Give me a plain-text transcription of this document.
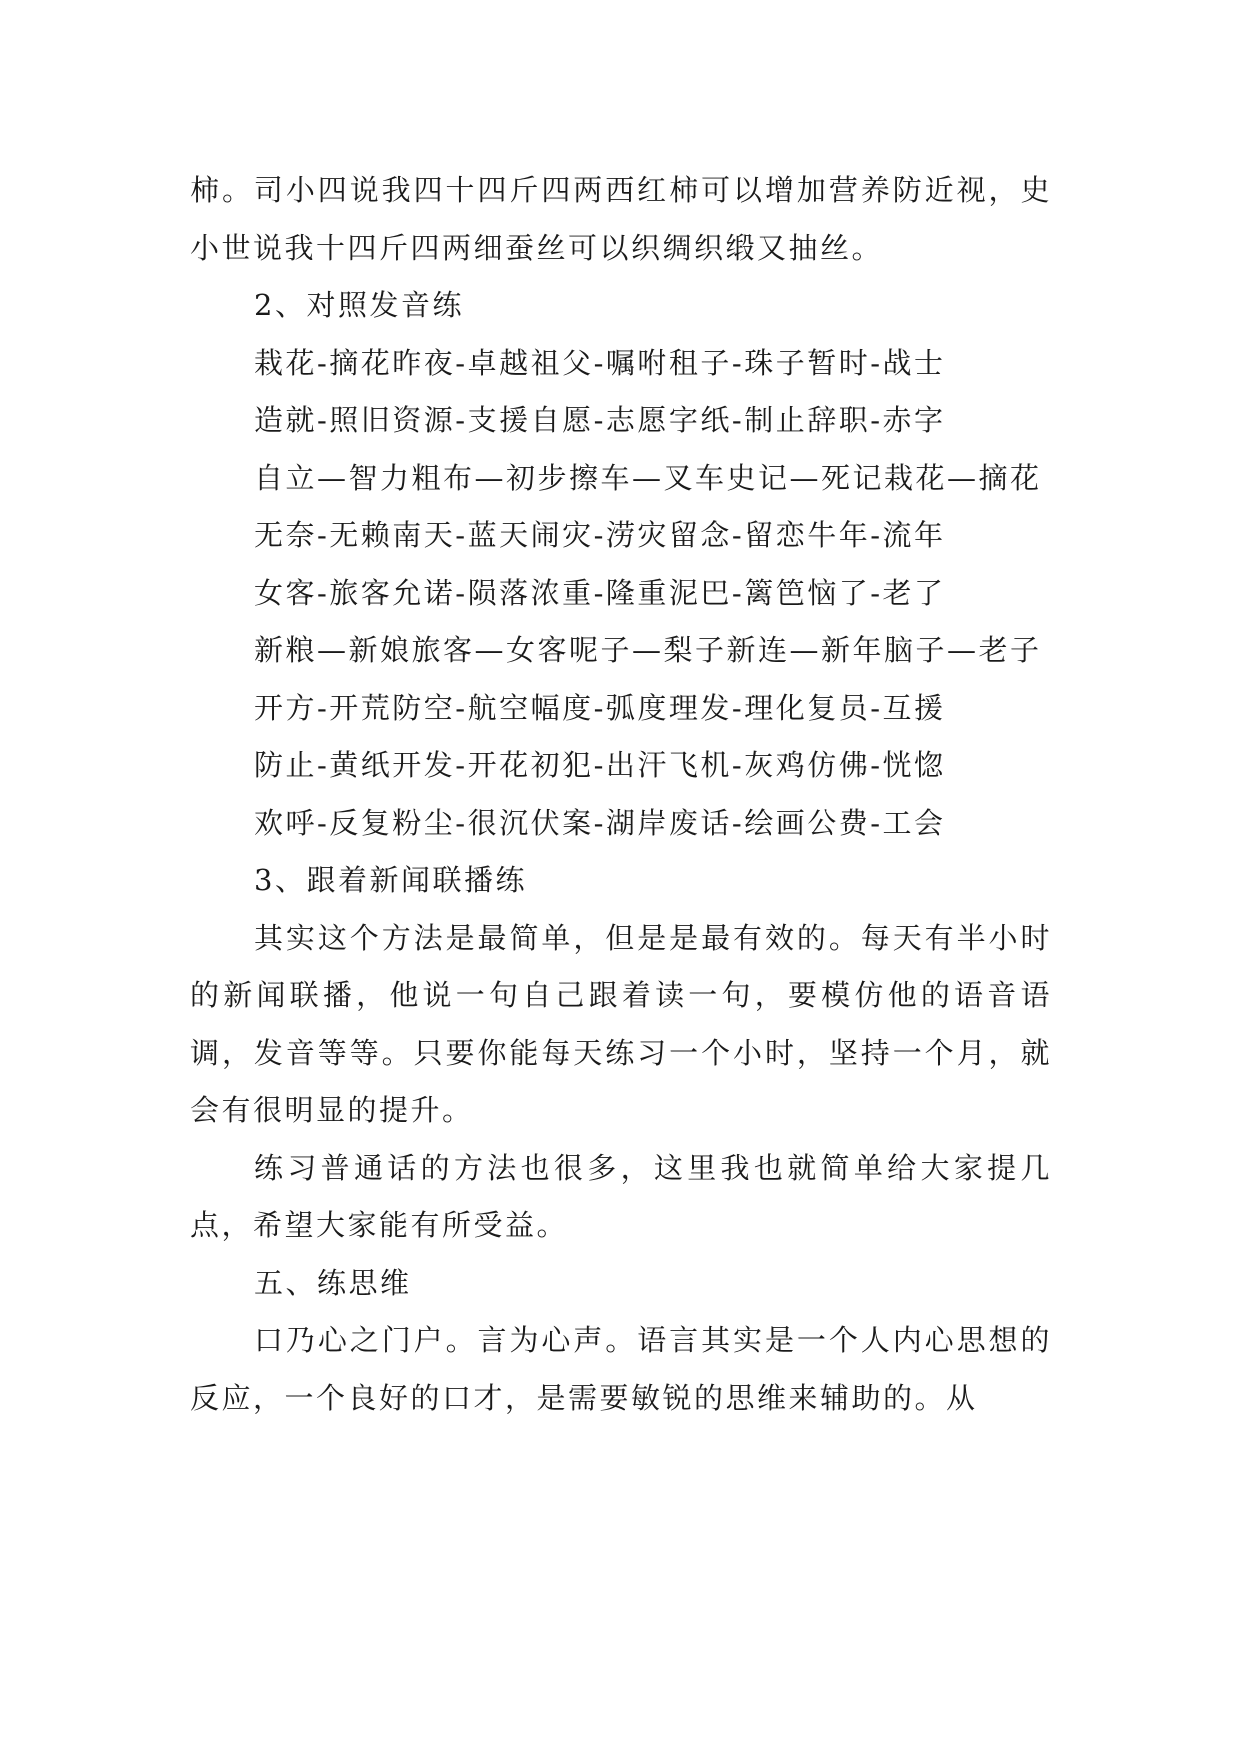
柿。司小四说我四十四斤四两西红柿可以增加营养防近视，史小世说我十四斤四两细蚕丝可以织绸织缎又抽丝。

2、对照发音练

栽花-摘花昨夜-卓越祖父-嘱咐租子-珠子暂时-战士

造就-照旧资源-支援自愿-志愿字纸-制止辞职-赤字

自立—智力粗布—初步擦车—叉车史记—死记栽花—摘花

无奈-无赖南天-蓝天闹灾-涝灾留念-留恋牛年-流年

女客-旅客允诺-陨落浓重-隆重泥巴-篱笆恼了-老了

新粮—新娘旅客—女客呢子—梨子新连—新年脑子—老子

开方-开荒防空-航空幅度-弧度理发-理化复员-互援

防止-黄纸开发-开花初犯-出汗飞机-灰鸡仿佛-恍惚

欢呼-反复粉尘-很沉伏案-湖岸废话-绘画公费-工会

3、跟着新闻联播练

其实这个方法是最简单，但是是最有效的。每天有半小时的新闻联播，他说一句自己跟着读一句，要模仿他的语音语调，发音等等。只要你能每天练习一个小时，坚持一个月，就会有很明显的提升。

练习普通话的方法也很多，这里我也就简单给大家提几点，希望大家能有所受益。

五、练思维

口乃心之门户。言为心声。语言其实是一个人内心思想的反应，一个良好的口才，是需要敏锐的思维来辅助的。从
